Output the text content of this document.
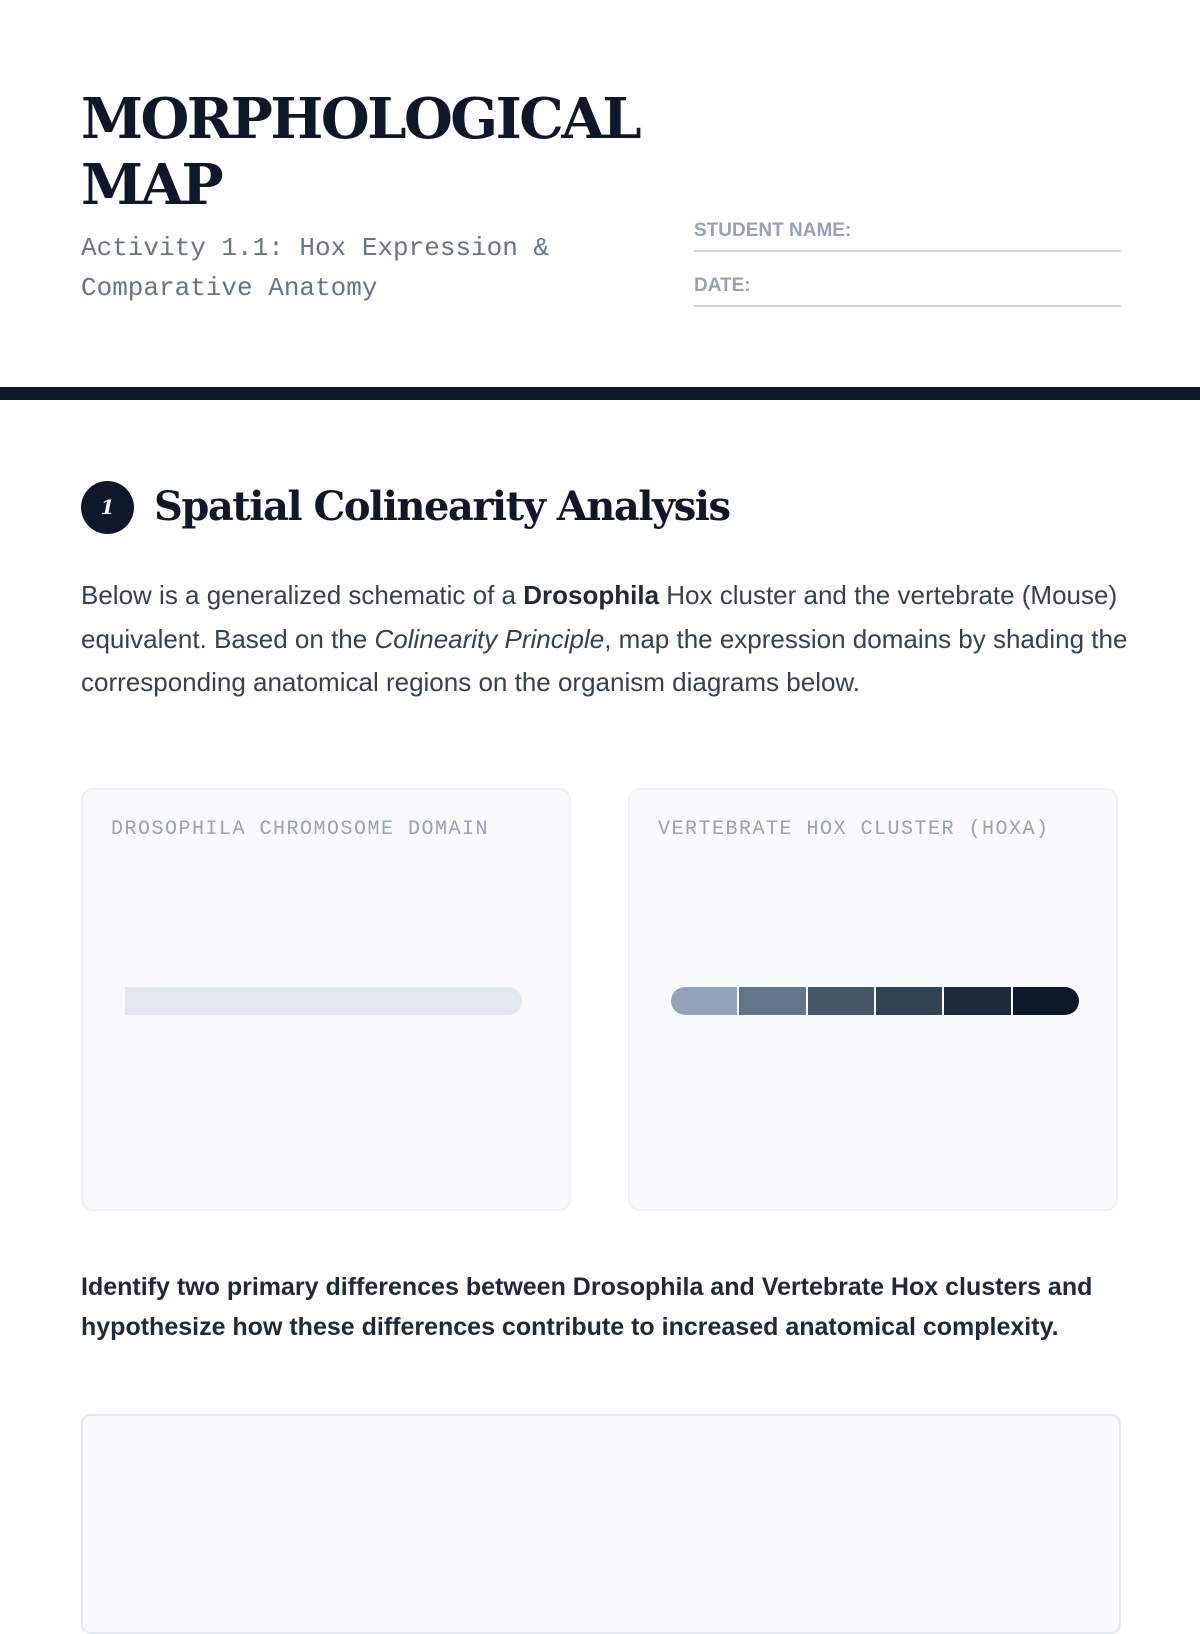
MORPHOLOGICAL MAP

Activity 1.1: Hox Expression & Comparative Anatomy

STUDENT NAME:
DATE:
1 Spatial Colinearity Analysis

Below is a generalized schematic of a Drosophila Hox cluster and the vertebrate (Mouse) equivalent. Based on the Colinearity Principle, map the expression domains by shading the corresponding anatomical regions on the organism diagrams below.

DROSOPHILA CHROMOSOME DOMAIN	VERTEBRATE HOX CLUSTER (HOXA)

Identify two primary differences between Drosophila and Vertebrate Hox clusters and hypothesize how these differences contribute to increased anatomical complexity.
